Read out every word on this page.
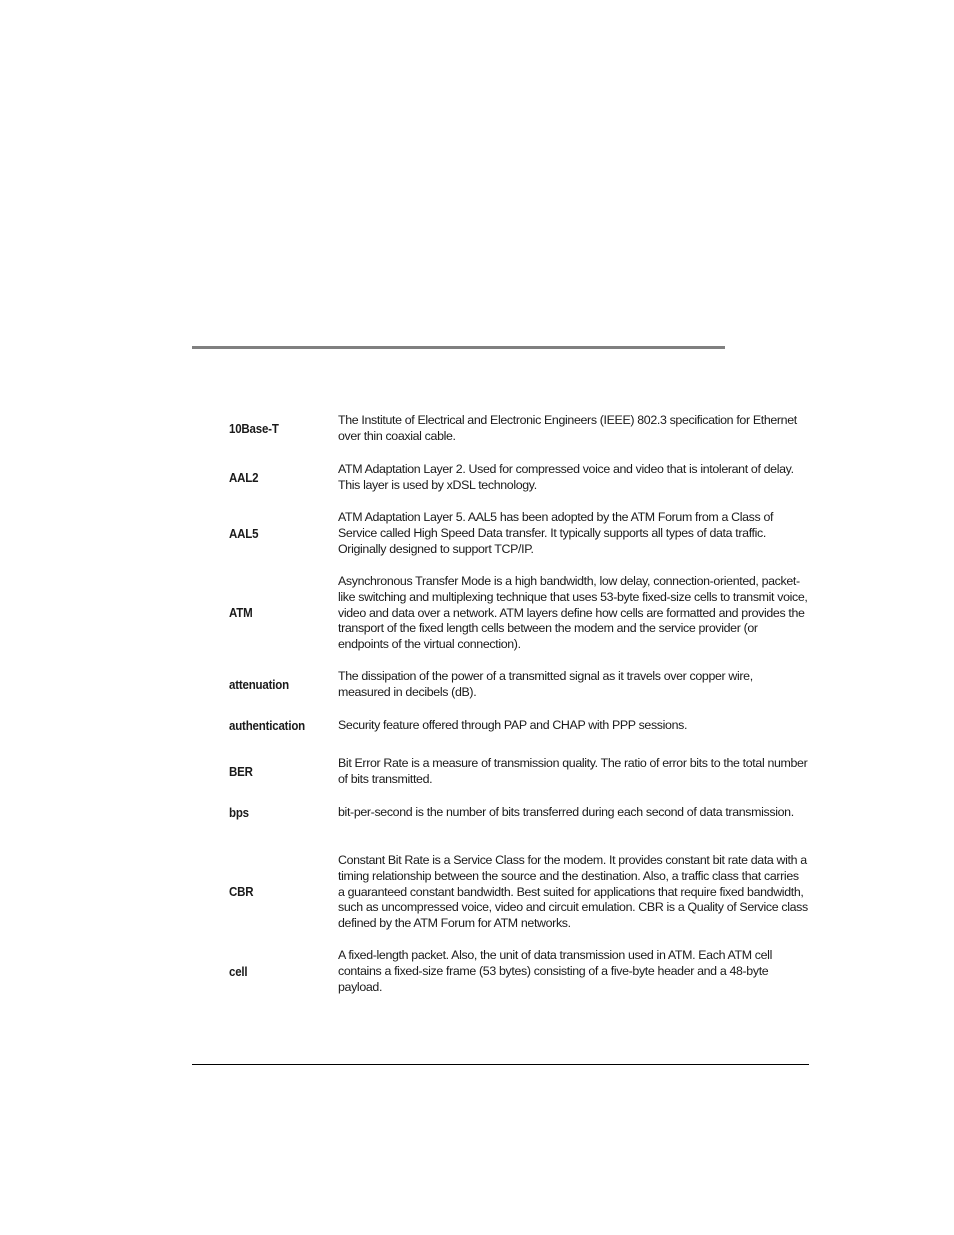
10Base-T
The Institute of Electrical and Electronic Engineers (IEEE) 802.3 specification for Ethernet over thin coaxial cable.
AAL2
ATM Adaptation Layer 2. Used for compressed voice and video that is intolerant of delay. This layer is used by xDSL technology.
AAL5
ATM Adaptation Layer 5. AAL5 has been adopted by the ATM Forum from a Class of Service called High Speed Data transfer. It typically supports all types of data traffic. Originally designed to support TCP/IP.
ATM
Asynchronous Transfer Mode is a high bandwidth, low delay, connection-oriented, packet-like switching and multiplexing technique that uses 53-byte fixed-size cells to transmit voice, video and data over a network. ATM layers define how cells are formatted and provides the transport of the fixed length cells between the modem and the service provider (or endpoints of the virtual connection).
attenuation
The dissipation of the power of a transmitted signal as it travels over copper wire, measured in decibels (dB).
authentication	Security feature offered through PAP and CHAP with PPP sessions.
BER
Bit Error Rate is a measure of transmission quality. The ratio of error bits to the total number of bits transmitted.
bps	bit-per-second is the number of bits transferred during each second of data transmission.
CBR
Constant Bit Rate is a Service Class for the modem. It provides constant bit rate data with a timing relationship between the source and the destination. Also, a traffic class that carries a guaranteed constant bandwidth. Best suited for applications that require fixed bandwidth, such as uncompressed voice, video and circuit emulation. CBR is a Quality of Service class defined by the ATM Forum for ATM networks.
cell
A fixed-length packet. Also, the unit of data transmission used in ATM. Each ATM cell contains a fixed-size frame (53 bytes) consisting of a five-byte header and a 48-byte payload.
